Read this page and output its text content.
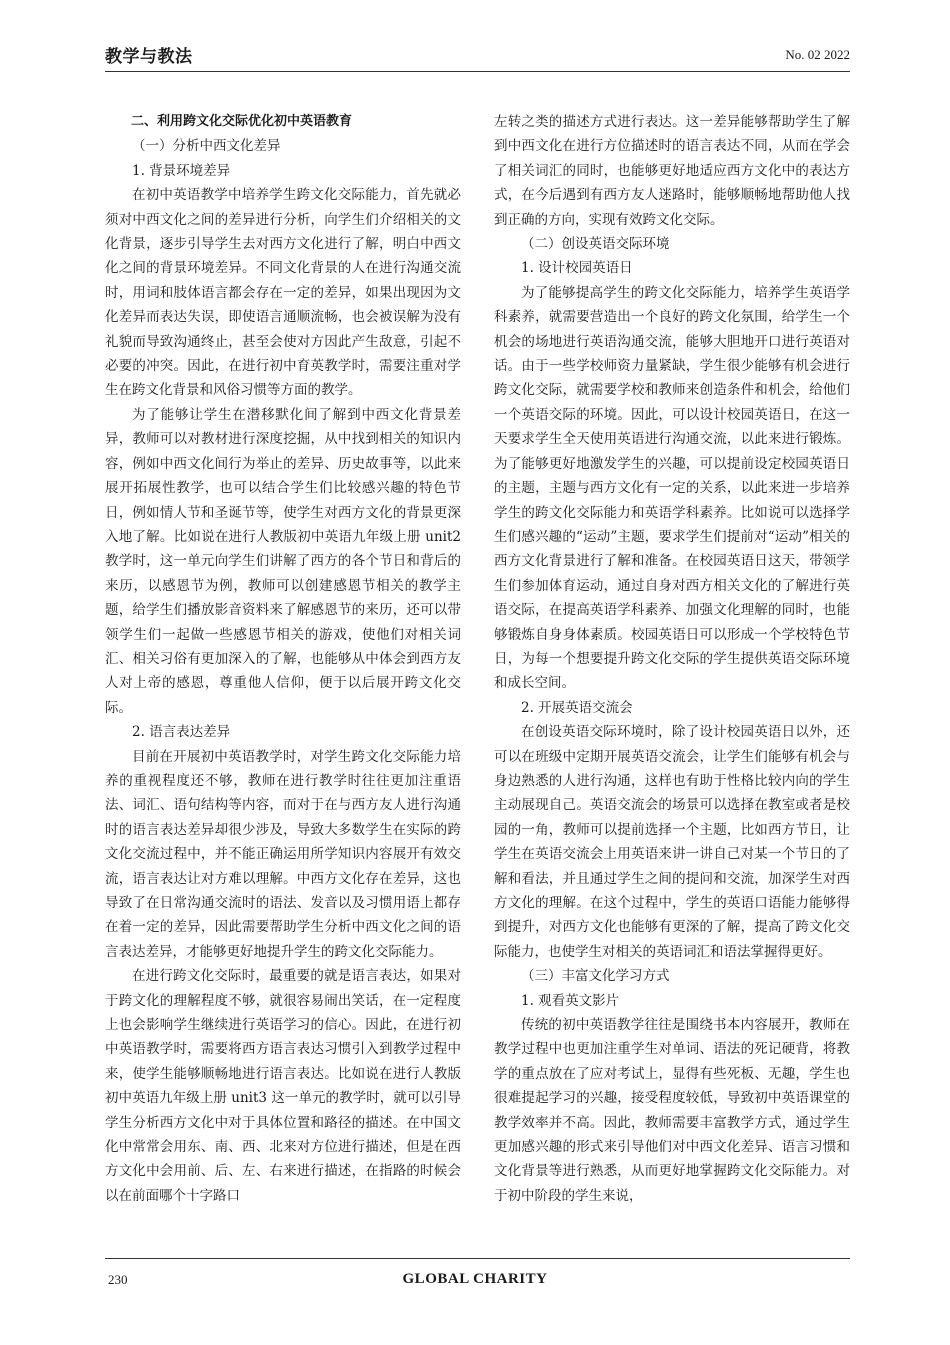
教学与教法	No. 02 2022

二、利用跨文化交际优化初中英语教育

（一）分析中西文化差异

1. 背景环境差异

在初中英语教学中培养学生跨文化交际能力，首先就必须对中西文化之间的差异进行分析，向学生们介绍相关的文化背景，逐步引导学生去对西方文化进行了解，明白中西文化之间的背景环境差异。不同文化背景的人在进行沟通交流时，用词和肢体语言都会存在一定的差异，如果出现因为文化差异而表达失误，即使语言通顺流畅，也会被误解为没有礼貌而导致沟通终止，甚至会使对方因此产生敌意，引起不必要的冲突。因此，在进行初中育英教学时，需要注重对学生在跨文化背景和风俗习惯等方面的教学。

为了能够让学生在潜移默化间了解到中西文化背景差异，教师可以对教材进行深度挖掘，从中找到相关的知识内容，例如中西文化间行为举止的差异、历史故事等，以此来展开拓展性教学，也可以结合学生们比较感兴趣的特色节日，例如情人节和圣诞节等，使学生对西方文化的背景更深入地了解。比如说在进行人教版初中英语九年级上册 unit2 教学时，这一单元向学生们讲解了西方的各个节日和背后的来历，以感恩节为例，教师可以创建感恩节相关的教学主题，给学生们播放影音资料来了解感恩节的来历，还可以带领学生们一起做一些感恩节相关的游戏，使他们对相关词汇、相关习俗有更加深入的了解，也能够从中体会到西方友人对上帝的感恩，尊重他人信仰，便于以后展开跨文化交际。

2. 语言表达差异

目前在开展初中英语教学时，对学生跨文化交际能力培养的重视程度还不够，教师在进行教学时往往更加注重语法、词汇、语句结构等内容，而对于在与西方友人进行沟通时的语言表达差异却很少涉及，导致大多数学生在实际的跨文化交流过程中，并不能正确运用所学知识内容展开有效交流，语言表达让对方难以理解。中西方文化存在差异，这也导致了在日常沟通交流时的语法、发音以及习惯用语上都存在着一定的差异，因此需要帮助学生分析中西文化之间的语言表达差异，才能够更好地提升学生的跨文化交际能力。

在进行跨文化交际时，最重要的就是语言表达，如果对于跨文化的理解程度不够，就很容易闹出笑话，在一定程度上也会影响学生继续进行英语学习的信心。因此，在进行初中英语教学时，需要将西方语言表达习惯引入到教学过程中来，使学生能够顺畅地进行语言表达。比如说在进行人教版初中英语九年级上册 unit3 这一单元的教学时，就可以引导学生分析西方文化中对于具体位置和路径的描述。在中国文化中常常会用东、南、西、北来对方位进行描述，但是在西方文化中会用前、后、左、右来进行描述，在指路的时候会以在前面哪个十字路口

左转之类的描述方式进行表达。这一差异能够帮助学生了解到中西文化在进行方位描述时的语言表达不同，从而在学会了相关词汇的同时，也能够更好地适应西方文化中的表达方式，在今后遇到有西方友人迷路时，能够顺畅地帮助他人找到正确的方向，实现有效跨文化交际。

（二）创设英语交际环境

1. 设计校园英语日

为了能够提高学生的跨文化交际能力，培养学生英语学科素养，就需要营造出一个良好的跨文化氛围，给学生一个机会的场地进行英语沟通交流，能够大胆地开口进行英语对话。由于一些学校师资力量紧缺，学生很少能够有机会进行跨文化交际，就需要学校和教师来创造条件和机会，给他们一个英语交际的环境。因此，可以设计校园英语日，在这一天要求学生全天使用英语进行沟通交流，以此来进行锻炼。为了能够更好地激发学生的兴趣，可以提前设定校园英语日的主题，主题与西方文化有一定的关系，以此来进一步培养学生的跨文化交际能力和英语学科素养。比如说可以选择学生们感兴趣的“运动”主题，要求学生们提前对“运动”相关的西方文化背景进行了解和准备。在校园英语日这天，带领学生们参加体育运动，通过自身对西方相关文化的了解进行英语交际，在提高英语学科素养、加强文化理解的同时，也能够锻炼自身身体素质。校园英语日可以形成一个学校特色节日，为每一个想要提升跨文化交际的学生提供英语交际环境和成长空间。

2. 开展英语交流会

在创设英语交际环境时，除了设计校园英语日以外，还可以在班级中定期开展英语交流会，让学生们能够有机会与身边熟悉的人进行沟通，这样也有助于性格比较内向的学生主动展现自己。英语交流会的场景可以选择在教室或者是校园的一角，教师可以提前选择一个主题，比如西方节日，让学生在英语交流会上用英语来讲一讲自己对某一个节日的了解和看法，并且通过学生之间的提问和交流，加深学生对西方文化的理解。在这个过程中，学生的英语口语能力能够得到提升，对西方文化也能够有更深的了解，提高了跨文化交际能力，也使学生对相关的英语词汇和语法掌握得更好。

（三）丰富文化学习方式

1. 观看英文影片

传统的初中英语教学往往是围绕书本内容展开，教师在教学过程中也更加注重学生对单词、语法的死记硬背，将教学的重点放在了应对考试上，显得有些死板、无趣，学生也很难提起学习的兴趣，接受程度较低，导致初中英语课堂的教学效率并不高。因此，教师需要丰富教学方式，通过学生更加感兴趣的形式来引导他们对中西文化差异、语言习惯和文化背景等进行熟悉，从而更好地掌握跨文化交际能力。对于初中阶段的学生来说，

230	GLOBAL CHARITY
